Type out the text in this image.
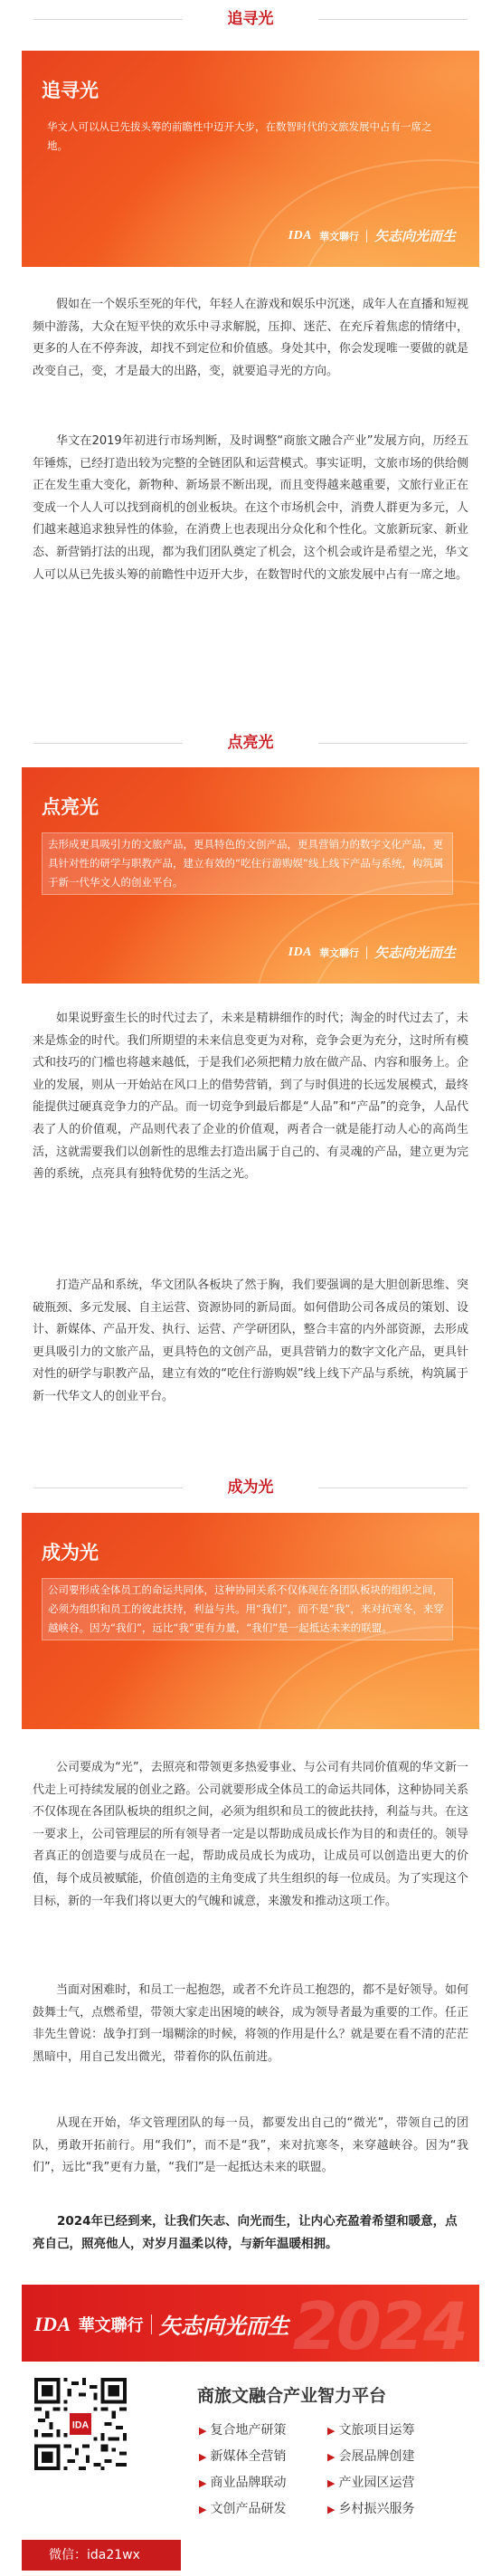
追寻光
追寻光
华文人可以从已先拔头筹的前瞻性中迈开大步，在数智时代的文旅发展中占有一席之地。
IDA 華文聯行 矢志向光而生

假如在一个娱乐至死的年代，年轻人在游戏和娱乐中沉迷，成年人在直播和短视频中游荡，大众在短平快的欢乐中寻求解脱，压抑、迷茫、在充斥着焦虑的情绪中，更多的人在不停奔波，却找不到定位和价值感。身处其中，你会发现唯一要做的就是改变自己，变，才是最大的出路，变，就要追寻光的方向。

华文在2019年初进行市场判断，及时调整“商旅文融合产业”发展方向，历经五年锤炼，已经打造出较为完整的全链团队和运营模式。事实证明，文旅市场的供给侧正在发生重大变化，新物种、新场景不断出现，而且变得越来越重要，文旅行业正在变成一个人人可以找到商机的创业板块。在这个市场机会中，消费人群更为多元，人们越来越追求独异性的体验，在消费上也表现出分众化和个性化。文旅新玩家、新业态、新营销打法的出现，都为我们团队奠定了机会，这个机会或许是希望之光，华文人可以从已先拔头筹的前瞻性中迈开大步，在数智时代的文旅发展中占有一席之地。

点亮光
点亮光
去形成更具吸引力的文旅产品，更具特色的文创产品，更具营销力的数字文化产品，更具针对性的研学与职教产品，建立有效的“吃住行游购娱”线上线下产品与系统，构筑属于新一代华文人的创业平台。
IDA 華文聯行 矢志向光而生

如果说野蛮生长的时代过去了，未来是精耕细作的时代；淘金的时代过去了，未来是炼金的时代。我们所期望的未来信息变更为对称，竞争会更为充分，这时所有模式和技巧的门槛也将越来越低，于是我们必须把精力放在做产品、内容和服务上。企业的发展，则从一开始站在风口上的借势营销，到了与时俱进的长远发展模式，最终能提供过硬真竞争力的产品。而一切竞争到最后都是“人品”和“产品”的竞争，人品代表了人的价值观，产品则代表了企业的价值观，两者合一就是能打动人心的高尚生活，这就需要我们以创新性的思维去打造出属于自己的、有灵魂的产品，建立更为完善的系统，点亮具有独特优势的生活之光。

打造产品和系统，华文团队各板块了然于胸，我们要强调的是大胆创新思维、突破瓶颈、多元发展、自主运营、资源协同的新局面。如何借助公司各成员的策划、设计、新媒体、产品开发、执行、运营、产学研团队，整合丰富的内外部资源，去形成更具吸引力的文旅产品，更具特色的文创产品，更具营销力的数字文化产品，更具针对性的研学与职教产品，建立有效的“吃住行游购娱”线上线下产品与系统，构筑属于新一代华文人的创业平台。

成为光
成为光
公司要形成全体员工的命运共同体，这种协同关系不仅体现在各团队板块的组织之间，必须为组织和员工的彼此扶持，利益与共。用“我们”，而不是“我”，来对抗寒冬，来穿越峡谷。因为“我们”，远比“我”更有力量，“我们”是一起抵达未来的联盟。

公司要成为“光”，去照亮和带领更多热爱事业、与公司有共同价值观的华文新一代走上可持续发展的创业之路。公司就要形成全体员工的命运共同体，这种协同关系不仅体现在各团队板块的组织之间，必须为组织和员工的彼此扶持，利益与共。在这一要求上，公司管理层的所有领导者一定是以帮助成员成长作为目的和责任的。领导者真正的创造要与成员在一起，帮助成员成长为成功，让成员可以创造出更大的价值，每个成员被赋能，价值创造的主角变成了共生组织的每一位成员。为了实现这个目标，新的一年我们将以更大的气魄和诚意，来激发和推动这项工作。

当面对困难时，和员工一起抱怨，或者不允许员工抱怨的，都不是好领导。如何鼓舞士气，点燃希望，带领大家走出困境的峡谷，成为领导者最为重要的工作。任正非先生曾说：战争打到一塌糊涂的时候，将领的作用是什么？就是要在看不清的茫茫黑暗中，用自己发出微光，带着你的队伍前进。

从现在开始，华文管理团队的每一员，都要发出自己的“微光”，带领自己的团队，勇敢开拓前行。用“我们”，而不是“我”，来对抗寒冬，来穿越峡谷。因为“我们”，远比“我”更有力量，“我们”是一起抵达未来的联盟。

2024年已经到来，让我们矢志、向光而生，让内心充盈着希望和暖意，点亮自己，照亮他人，对岁月温柔以待，与新年温暖相拥。

2024
IDA 華文聯行 矢志向光而生
IDA
微信：ida21wx
商旅文融合产业智力平台
▶ 复合地产研策	▶ 文旅项目运筹
▶ 新媒体全营销	▶ 会展品牌创建
▶ 商业品牌联动	▶ 产业园区运营
▶ 文创产品研发	▶ 乡村振兴服务
